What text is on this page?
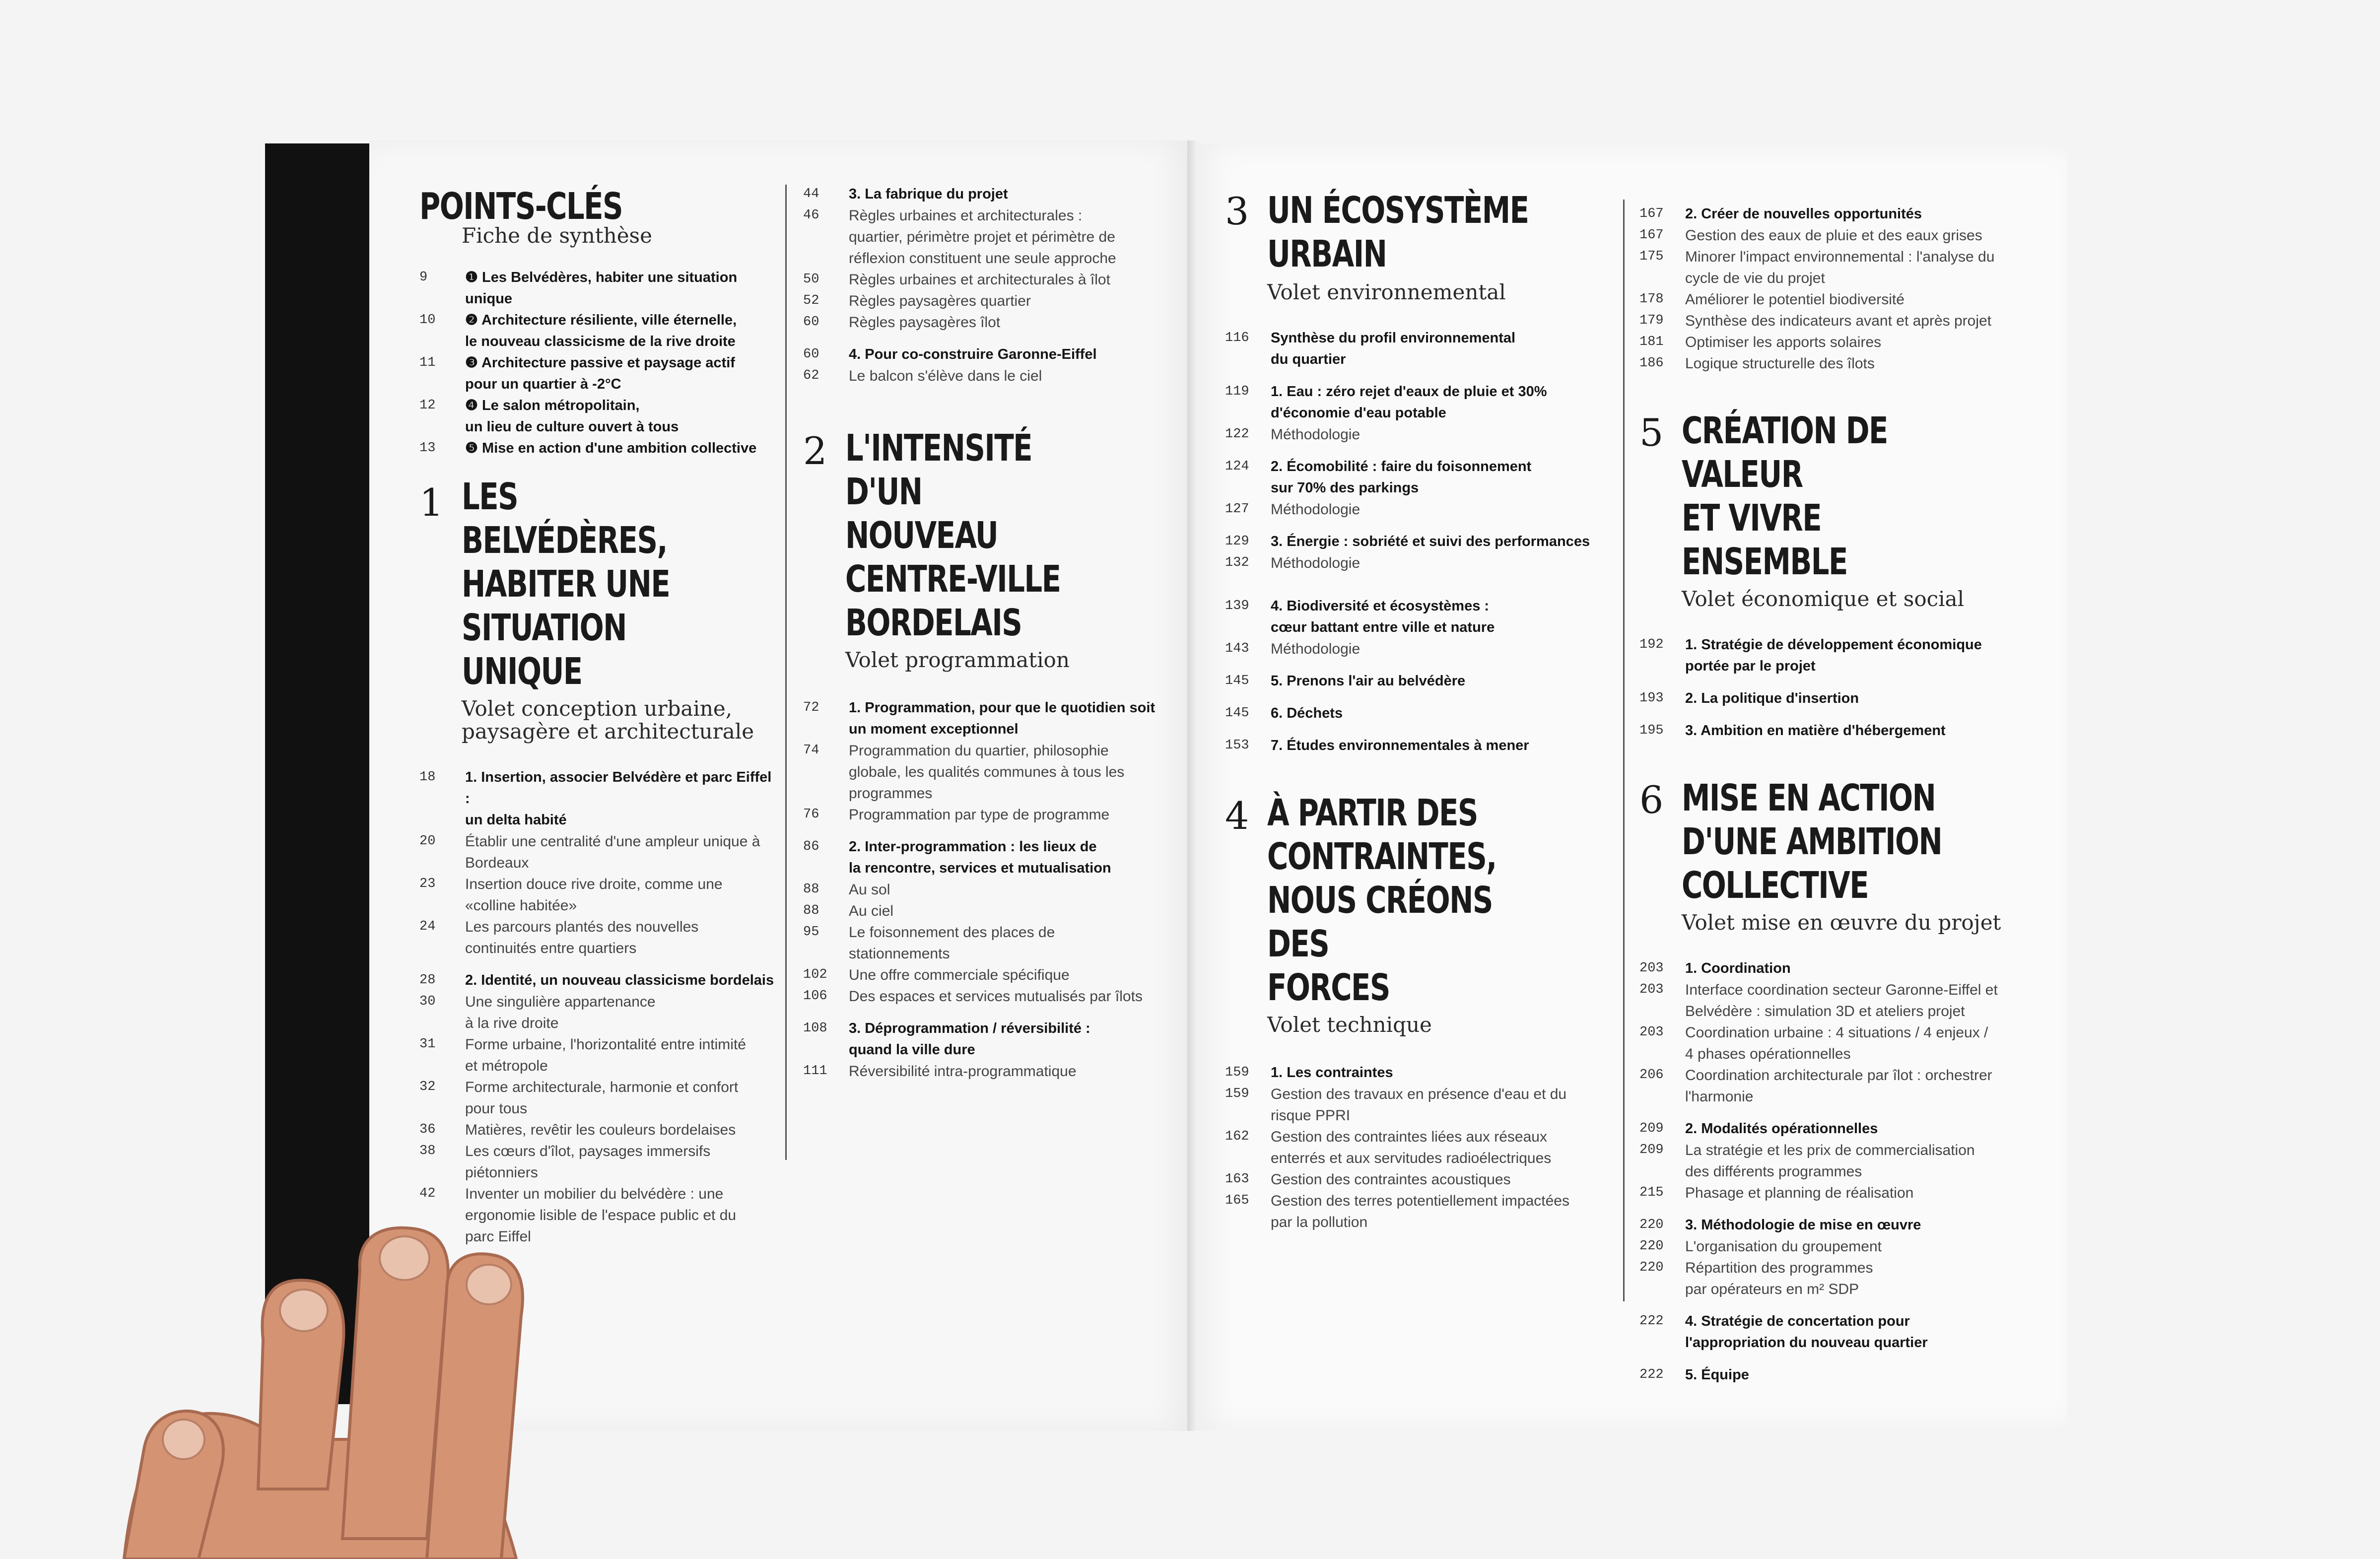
POINTS-CLÉS
Fiche de synthèse
9	❶ Les Belvédères, habiter une situation
unique
10	❷ Architecture résiliente, ville éternelle,
le nouveau classicisme de la rive droite
11	❸ Architecture passive et paysage actif
pour un quartier à -2°C
12	❹ Le salon métropolitain,
un lieu de culture ouvert à tous
13	❺ Mise en action d'une ambition collective
1 LES BELVÉDÈRES,
HABITER UNE
SITUATION UNIQUE
Volet conception urbaine,
paysagère et architecturale
18	1. Insertion, associer Belvédère et parc Eiffel :
un delta habité
20	Établir une centralité d'une ampleur unique à
Bordeaux
23	Insertion douce rive droite, comme une
«colline habitée»
24	Les parcours plantés des nouvelles
continuités entre quartiers
28	2. Identité, un nouveau classicisme bordelais
30	Une singulière appartenance
à la rive droite
31	Forme urbaine, l'horizontalité entre intimité
et métropole
32	Forme architecturale, harmonie et confort
pour tous
36	Matières, revêtir les couleurs bordelaises
38	Les cœurs d'îlot, paysages immersifs
piétonniers
42	Inventer un mobilier du belvédère : une
ergonomie lisible de l'espace public et du
parc Eiffel
44	3. La fabrique du projet
46	Règles urbaines et architecturales :
quartier, périmètre projet et périmètre de
réflexion constituent une seule approche
50	Règles urbaines et architecturales à îlot
52	Règles paysagères quartier
60	Règles paysagères îlot
60	4. Pour co-construire Garonne-Eiffel
62	Le balcon s'élève dans le ciel
2 L'INTENSITÉ D'UN
NOUVEAU
CENTRE-VILLE
BORDELAIS
Volet programmation
72	1. Programmation, pour que le quotidien soit
un moment exceptionnel
74	Programmation du quartier, philosophie
globale, les qualités communes à tous les
programmes
76	Programmation par type de programme
86	2. Inter-programmation : les lieux de
la rencontre, services et mutualisation
88	Au sol
88	Au ciel
95	Le foisonnement des places de
stationnements
102	Une offre commerciale spécifique
106	Des espaces et services mutualisés par îlots
108	3. Déprogrammation / réversibilité :
quand la ville dure
111	Réversibilité intra-programmatique
3 UN ÉCOSYSTÈME
URBAIN
Volet environnemental
116	Synthèse du profil environnemental
du quartier
119	1. Eau : zéro rejet d'eaux de pluie et 30%
d'économie d'eau potable
122	Méthodologie
124	2. Écomobilité : faire du foisonnement
sur 70% des parkings
127	Méthodologie
129	3. Énergie : sobriété et suivi des performances
132	Méthodologie
139	4. Biodiversité et écosystèmes :
cœur battant entre ville et nature
143	Méthodologie
145	5. Prenons l'air au belvédère
145	6. Déchets
153	7. Études environnementales à mener
4 À PARTIR DES
CONTRAINTES,
NOUS CRÉONS DES
FORCES
Volet technique
159	1. Les contraintes
159	Gestion des travaux en présence d'eau et du
risque PPRI
162	Gestion des contraintes liées aux réseaux
enterrés et aux servitudes radioélectriques
163	Gestion des contraintes acoustiques
165	Gestion des terres potentiellement impactées
par la pollution
167	2. Créer de nouvelles opportunités
167	Gestion des eaux de pluie et des eaux grises
175	Minorer l'impact environnemental : l'analyse du
cycle de vie du projet
178	Améliorer le potentiel biodiversité
179	Synthèse des indicateurs avant et après projet
181	Optimiser les apports solaires
186	Logique structurelle des îlots
5 CRÉATION DE VALEUR
ET VIVRE ENSEMBLE
Volet économique et social
192	1. Stratégie de développement économique
portée par le projet
193	2. La politique d'insertion
195	3. Ambition en matière d'hébergement
6 MISE EN ACTION
D'UNE AMBITION
COLLECTIVE
Volet mise en œuvre du projet
203	1. Coordination
203	Interface coordination secteur Garonne-Eiffel et
Belvédère : simulation 3D et ateliers projet
203	Coordination urbaine : 4 situations / 4 enjeux /
4 phases opérationnelles
206	Coordination architecturale par îlot : orchestrer
l'harmonie
209	2. Modalités opérationnelles
209	La stratégie et les prix de commercialisation
des différents programmes
215	Phasage et planning de réalisation
220	3. Méthodologie de mise en œuvre
220	L'organisation du groupement
220	Répartition des programmes
par opérateurs en m² SDP
222	4. Stratégie de concertation pour
l'appropriation du nouveau quartier
222	5. Équipe
